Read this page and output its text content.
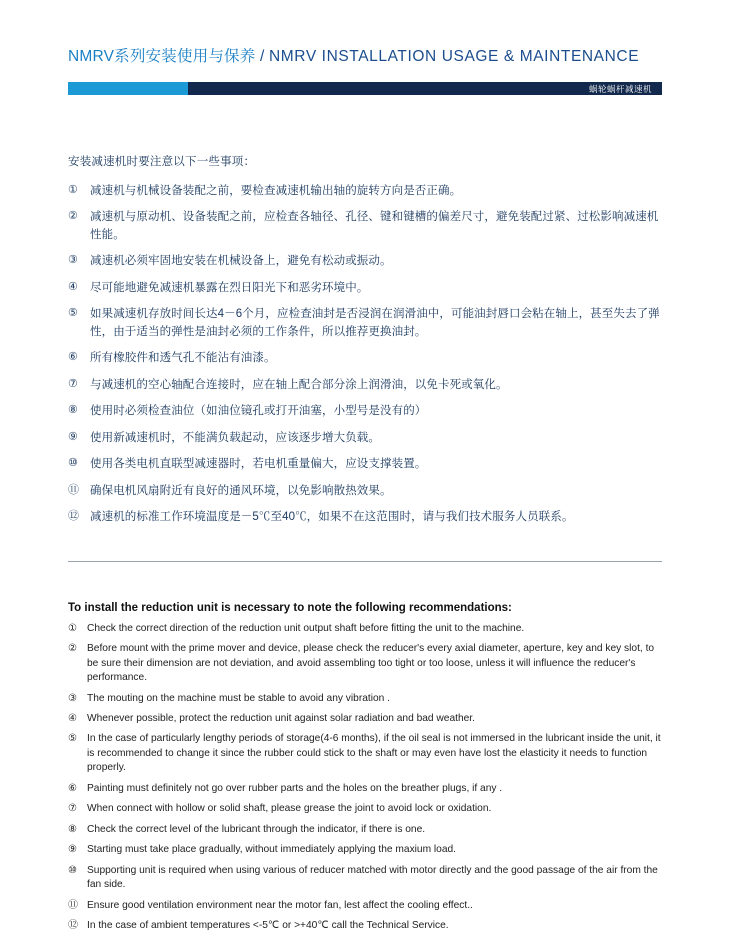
NMRV系列安装使用与保养 / NMRV INSTALLATION USAGE & MAINTENANCE
蜗轮蜗杆减速机
安装减速机时要注意以下一些事项：
①	减速机与机械设备装配之前，要检查减速机输出轴的旋转方向是否正确。
②	减速机与原动机、设备装配之前，应检查各轴径、孔径、键和键槽的偏差尺寸，避免装配过紧、过松影响减速机性能。
③	减速机必须牢固地安装在机械设备上，避免有松动或振动。
④	尽可能地避免减速机暴露在烈日阳光下和恶劣环境中。
⑤	如果减速机存放时间长达4－6个月，应检查油封是否浸润在润滑油中，可能油封唇口会粘在轴上，甚至失去了弹性，由于适当的弹性是油封必须的工作条件，所以推荐更换油封。
⑥	所有橡胶件和透气孔不能沾有油漆。
⑦	与减速机的空心轴配合连接时，应在轴上配合部分涂上润滑油，以免卡死或氧化。
⑧	使用时必须检查油位（如油位镜孔或打开油塞，小型号是没有的）
⑨	使用新减速机时，不能满负载起动，应该逐步增大负载。
⑩	使用各类电机直联型减速器时，若电机重量偏大，应设支撑装置。
⑪ 确保电机风扇附近有良好的通风环境，以免影响散热效果。
⑫ 减速机的标准工作环境温度是－5℃至40℃，如果不在这范围时，请与我们技术服务人员联系。
To install the reduction unit is necessary to note the following recommendations:
① Check the correct direction of the reduction unit output shaft before fitting the unit to the machine.
② Before mount with the prime mover and device, please check the reducer's every axial diameter, aperture, key and key slot, to be sure their dimension are not deviation, and avoid assembling too tight or too loose, unless it will influence the reducer's performance.
③ The mouting on the machine must be stable to avoid any vibration .
④ Whenever possible, protect the reduction unit against solar radiation and bad weather.
⑤ In the case of particularly lengthy periods of storage(4-6 months), if the oil seal is not immersed in the lubricant inside the unit, it is recommended to change it since the rubber could stick to the shaft or may even have lost the elasticity it needs to function properly.
⑥ Painting must definitely not go over rubber parts and the holes on the breather plugs, if any .
⑦ When connect with hollow or solid shaft, please grease the joint to avoid lock or oxidation.
⑧ Check the correct level of the lubricant through the indicator, if there is one.
⑨ Starting must take place gradually, without immediately applying the maxium load.
⑩ Supporting unit is required when using various of reducer matched with motor directly and the good passage of the air from the fan side.
⑪ Ensure good ventilation environment near the motor fan, lest affect the cooling effect..
⑫ In the case of ambient temperatures <-5℃ or >+40℃ call the Technical Service.
